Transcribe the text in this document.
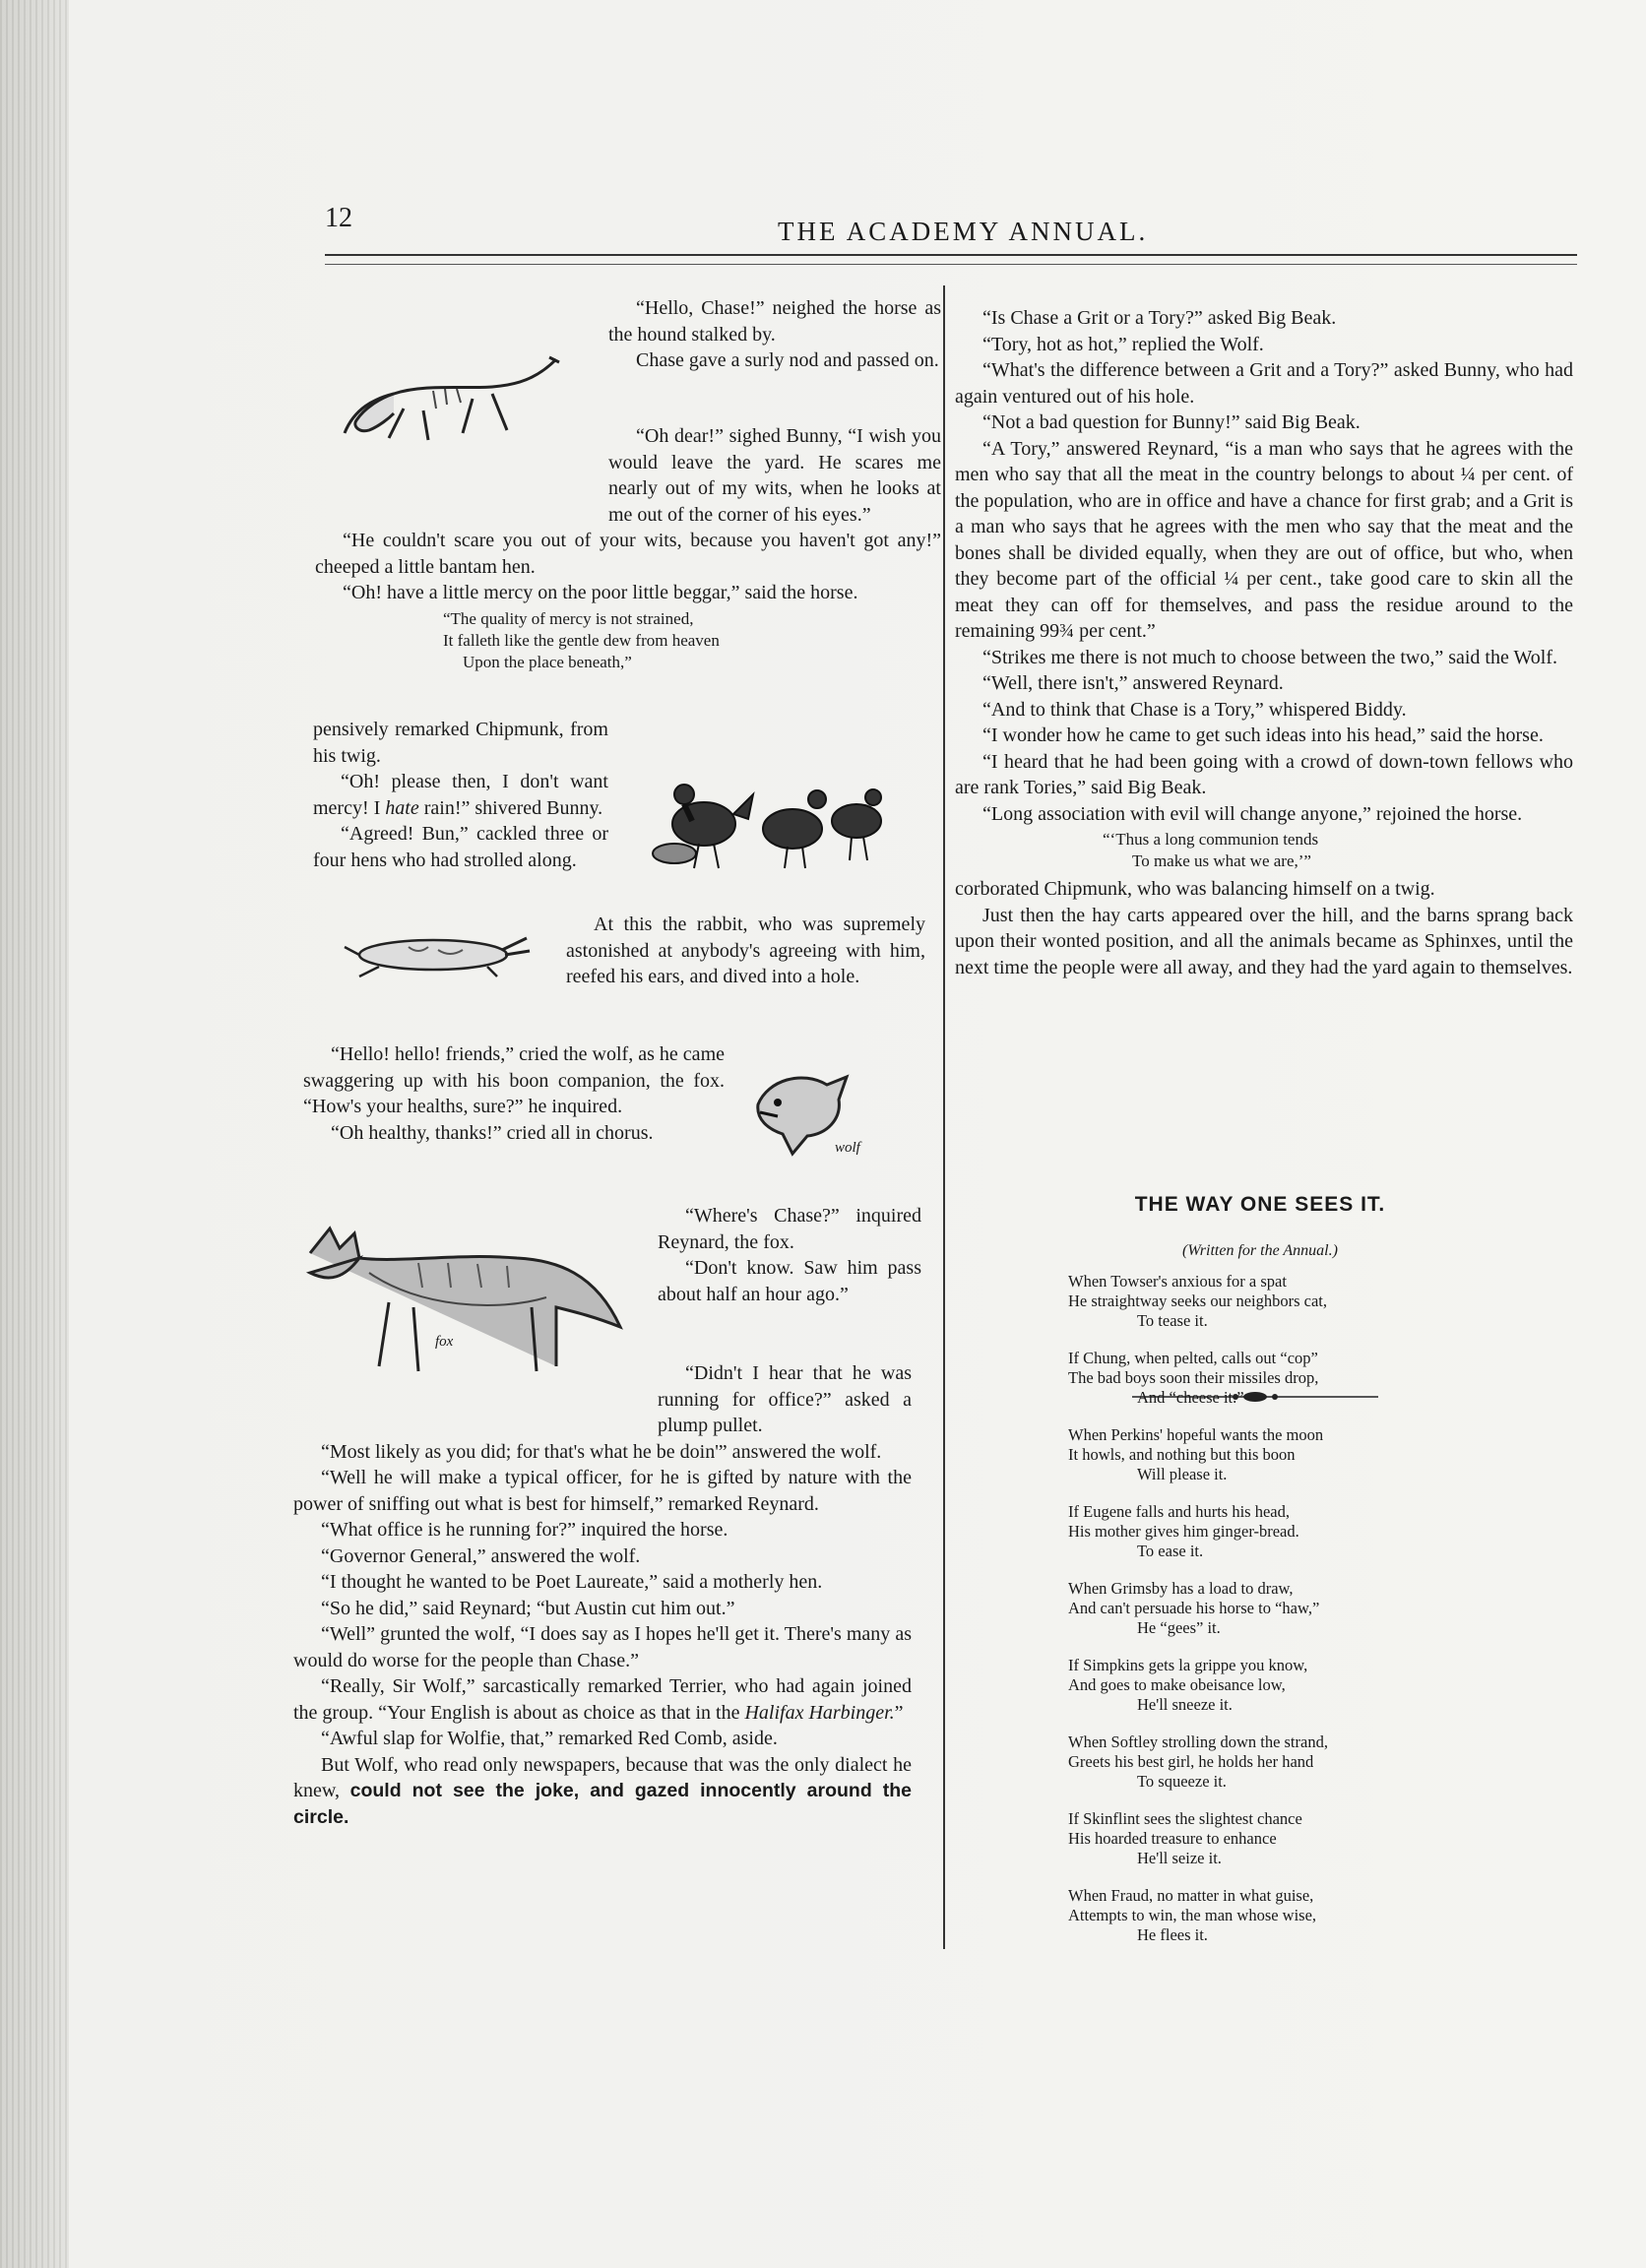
12	THE ACADEMY ANNUAL.

“Hello, Chase!” neighed the horse as the hound stalked by.

Chase gave a surly nod and passed on.

“Oh dear!” sighed Bunny, “I wish you would leave the yard. He scares me nearly out of my wits, when he looks at me out of the corner of his eyes.”

“He couldn't scare you out of your wits, because you haven't got any!” cheeped a little bantam hen.

“Oh! have a little mercy on the poor little beggar,” said the horse.

“The quality of mercy is not strained,
It falleth like the gentle dew from heaven
Upon the place beneath,”

pensively remarked Chipmunk, from his twig.

“Oh! please then, I don't want mercy! I hate rain!” shivered Bunny.

“Agreed! Bun,” cackled three or four hens who had strolled along.

At this the rabbit, who was supremely astonished at anybody's agreeing with him, reefed his ears, and dived into a hole.

“Hello! hello! friends,” cried the wolf, as he came swaggering up with his boon companion, the fox. “How's your healths, sure?” he inquired.

“Oh healthy, thanks!” cried all in chorus.

wolf
fox

“Where's Chase?” inquired Reynard, the fox.

“Don't know. Saw him pass about half an hour ago.”

“Didn't I hear that he was running for office?” asked a plump pullet.

“Most likely as you did; for that's what he be doin'” answered the wolf.

“Well he will make a typical officer, for he is gifted by nature with the power of sniffing out what is best for himself,” remarked Reynard.

“What office is he running for?” inquired the horse.

“Governor General,” answered the wolf.

“I thought he wanted to be Poet Laureate,” said a motherly hen.

“So he did,” said Reynard; “but Austin cut him out.”

“Well” grunted the wolf, “I does say as I hopes he'll get it. There's many as would do worse for the people than Chase.”

“Really, Sir Wolf,” sarcastically remarked Terrier, who had again joined the group. “Your English is about as choice as that in the Halifax Harbinger.”

“Awful slap for Wolfie, that,” remarked Red Comb, aside.

But Wolf, who read only newspapers, because that was the only dialect he knew, could not see the joke, and gazed innocently around the circle.

“Is Chase a Grit or a Tory?” asked Big Beak.

“Tory, hot as hot,” replied the Wolf.

“What's the difference between a Grit and a Tory?” asked Bunny, who had again ventured out of his hole.

“Not a bad question for Bunny!” said Big Beak.

“A Tory,” answered Reynard, “is a man who says that he agrees with the men who say that all the meat in the country belongs to about ¼ per cent. of the population, who are in office and have a chance for first grab; and a Grit is a man who says that he agrees with the men who say that the meat and the bones shall be divided equally, when they are out of office, but who, when they become part of the official ¼ per cent., take good care to skin all the meat they can off for themselves, and pass the residue around to the remaining 99¾ per cent.”

“Strikes me there is not much to choose between the two,” said the Wolf.

“Well, there isn't,” answered Reynard.

“And to think that Chase is a Tory,” whispered Biddy.

“I wonder how he came to get such ideas into his head,” said the horse.

“I heard that he had been going with a crowd of down-town fellows who are rank Tories,” said Big Beak.

“Long association with evil will change anyone,” rejoined the horse.

“‘Thus a long communion tends
To make us what we are,’”

corborated Chipmunk, who was balancing himself on a twig.

Just then the hay carts appeared over the hill, and the barns sprang back upon their wonted position, and all the animals became as Sphinxes, until the next time the people were all away, and they had the yard again to themselves.

THE WAY ONE SEES IT.
(Written for the Annual.)
When Towser's anxious for a spat
He straightway seeks our neighbors cat,
To tease it.
If Chung, when pelted, calls out “cop”
The bad boys soon their missiles drop,
And “cheese it.”
When Perkins' hopeful wants the moon
It howls, and nothing but this boon
Will please it.
If Eugene falls and hurts his head,
His mother gives him ginger-bread.
To ease it.
When Grimsby has a load to draw,
And can't persuade his horse to “haw,”
He “gees” it.
If Simpkins gets la grippe you know,
And goes to make obeisance low,
He'll sneeze it.
When Softley strolling down the strand,
Greets his best girl, he holds her hand
To squeeze it.
If Skinflint sees the slightest chance
His hoarded treasure to enhance
He'll seize it.
When Fraud, no matter in what guise,
Attempts to win, the man whose wise,
He flees it.
